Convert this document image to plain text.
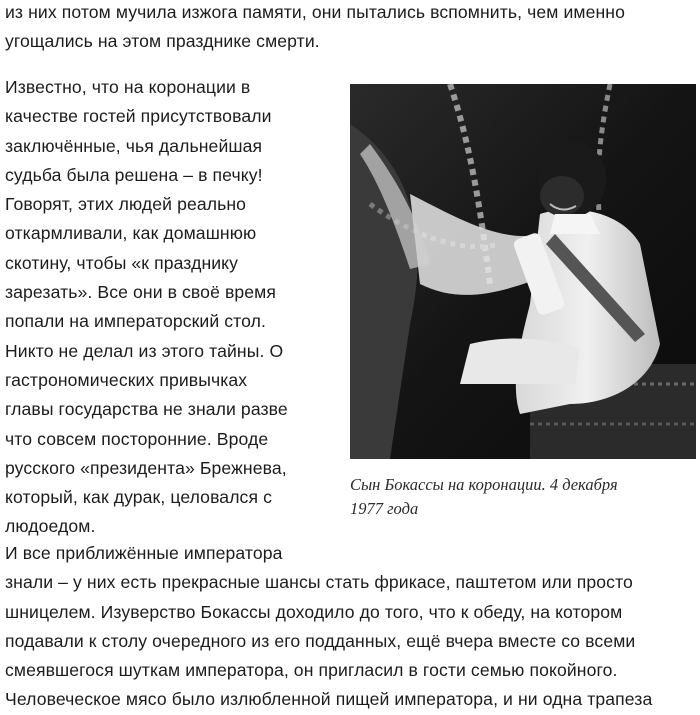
из них потом мучила изжога памяти, они пытались вспомнить, чем именно
угощались на этом празднике смерти.

Известно, что на коронации в
качестве гостей присутствовали
заключённые, чья дальнейшая
судьба была решена – в печку!
Говорят, этих людей реально
откармливали, как домашнюю
скотину, чтобы «к празднику
зарезать». Все они в своё время
попали на императорский стол.
Никто не делал из этого тайны. О
гастрономических привычках
главы государства не знали разве
что совсем посторонние. Вроде
русского «президента» Брежнева,
который, как дурак, целовался с
людоедом.

Сын Бокассы на коронации. 4 декабря
1977 года

И все приближённые императора
знали – у них есть прекрасные шансы стать фрикасе, паштетом или просто
шницелем. Изуверство Бокассы доходило до того, что к обеду, на котором
подавали к столу очередного из его подданных, ещё вчера вместе со всеми
смеявшегося шуткам императора, он пригласил в гости семью покойного.
Человеческое мясо было излюбленной пищей императора, и ни одна трапеза
